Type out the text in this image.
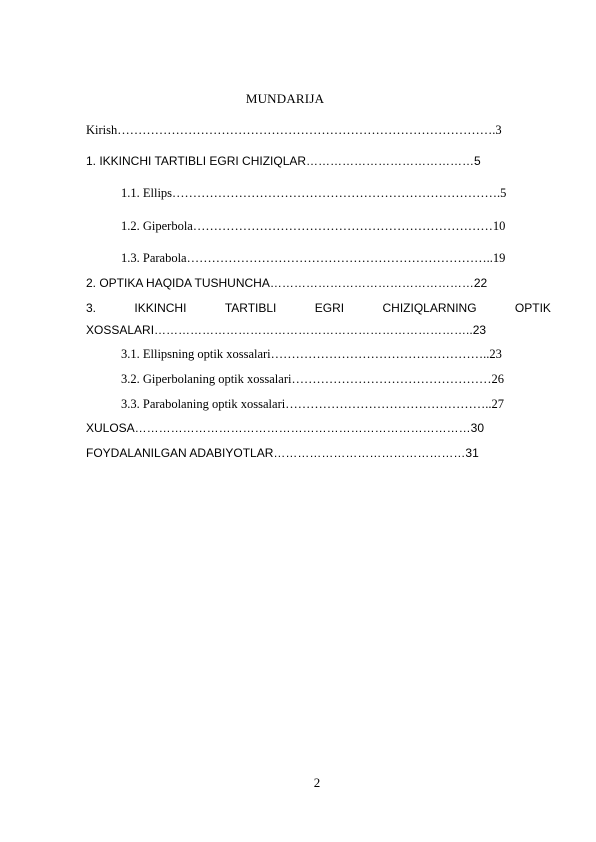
MUNDARIJA
Kirish……………………………………………………………………………….3
1. IKKINCHI TARTIBLI EGRI CHIZIQLAR……………………………………5
1.1. Ellips…………………………………………………………………….5
1.2. Giperbola………………………………………………………………10
1.3. Parabola………………………………………………………………..19
2. OPTIKA HAQIDA TUSHUNCHA……………………………………………22
3.	IKKINCHI	TARTIBLI	EGRI	CHIZIQLARNING	OPTIK
XOSSALARI……………………………………………………………………..23
3.1. Ellipsning optik xossalari……………………………………………..23
3.2. Giperbolaning optik xossalari…………………………………………26
3.3. Parabolaning optik xossalari…………………………………………..27
XULOSA…………………………………………………………………………30
FOYDALANILGAN ADABIYOTLAR…………………………………………31
2
